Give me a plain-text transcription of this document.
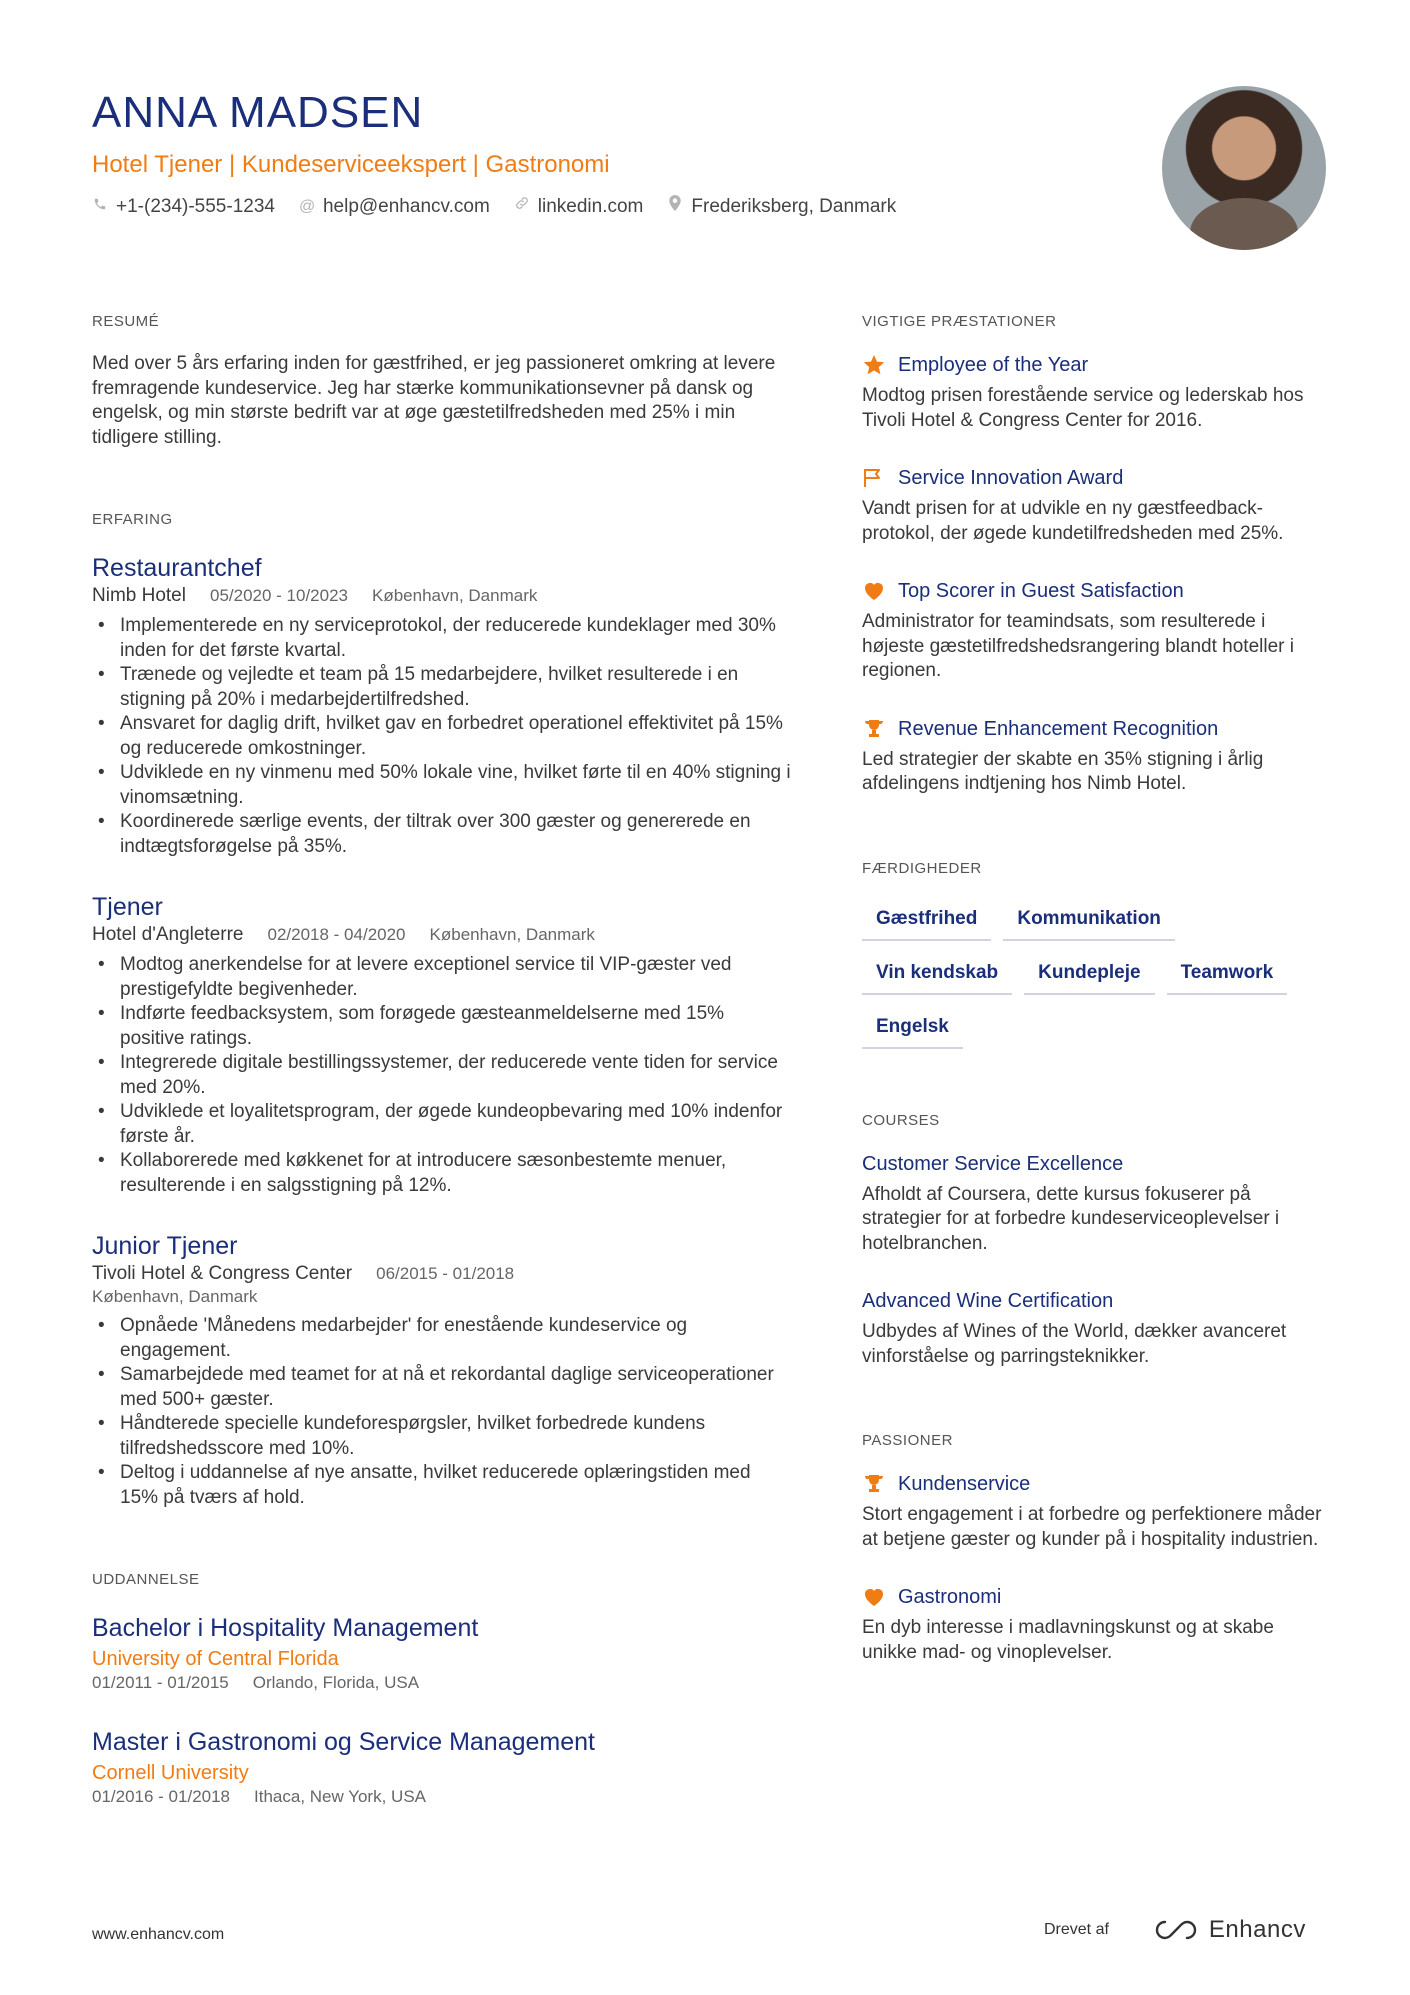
ANNA MADSEN
Hotel Tjener | Kundeserviceekspert | Gastronomi
+1-(234)-555-1234 @ help@enhancv.com	linkedin.com	Frederiksberg, Danmark
RESUMÉ
Med over 5 års erfaring inden for gæstfrihed, er jeg passioneret omkring at levere fremragende kundeservice. Jeg har stærke kommunikationsevner på dansk og engelsk, og min største bedrift var at øge gæstetilfredsheden med 25% i min tidligere stilling.
ERFARING
Restaurantchef
Nimb Hotel 05/2020 - 10/2023 København, Danmark
• Implementerede en ny serviceprotokol, der reducerede kundeklager med 30% inden for det første kvartal.
• Trænede og vejledte et team på 15 medarbejdere, hvilket resulterede i en stigning på 20% i medarbejdertilfredshed.
• Ansvaret for daglig drift, hvilket gav en forbedret operationel effektivitet på 15% og reducerede omkostninger.
• Udviklede en ny vinmenu med 50% lokale vine, hvilket førte til en 40% stigning i vinomsætning.
• Koordinerede særlige events, der tiltrak over 300 gæster og genererede en indtægtsforøgelse på 35%.
Tjener
Hotel d'Angleterre 02/2018 - 04/2020 København, Danmark
• Modtog anerkendelse for at levere exceptionel service til VIP-gæster ved prestigefyldte begivenheder.
• Indførte feedbacksystem, som forøgede gæsteanmeldelserne med 15% positive ratings.
• Integrerede digitale bestillingssystemer, der reducerede vente tiden for service med 20%.
• Udviklede et loyalitetsprogram, der øgede kundeopbevaring med 10% indenfor første år.
• Kollaborerede med køkkenet for at introducere sæsonbestemte menuer, resulterende i en salgsstigning på 12%.
Junior Tjener
Tivoli Hotel & Congress Center 06/2015 - 01/2018
København, Danmark
• Opnåede 'Månedens medarbejder' for enestående kundeservice og engagement.
• Samarbejdede med teamet for at nå et rekordantal daglige serviceoperationer med 500+ gæster.
• Håndterede specielle kundeforespørgsler, hvilket forbedrede kundens tilfredshedsscore med 10%.
• Deltog i uddannelse af nye ansatte, hvilket reducerede oplæringstiden med 15% på tværs af hold.
UDDANNELSE
Bachelor i Hospitality Management
University of Central Florida
01/2011 - 01/2015 Orlando, Florida, USA
Master i Gastronomi og Service Management
Cornell University
01/2016 - 01/2018 Ithaca, New York, USA
VIGTIGE PRÆSTATIONER
Employee of the Year
Modtog prisen forestående service og lederskab hos Tivoli Hotel & Congress Center for 2016.
Service Innovation Award
Vandt prisen for at udvikle en ny gæstfeedback-protokol, der øgede kundetilfredsheden med 25%.
Top Scorer in Guest Satisfaction
Administrator for teamindsats, som resulterede i højeste gæstetilfredshedsrangering blandt hoteller i regionen.
Revenue Enhancement Recognition
Led strategier der skabte en 35% stigning i årlig afdelingens indtjening hos Nimb Hotel.
FÆRDIGHEDER
Gæstfrihed	Kommunikation
Vin kendskab	Kundepleje	Teamwork
Engelsk
COURSES
Customer Service Excellence
Afholdt af Coursera, dette kursus fokuserer på strategier for at forbedre kundeserviceoplevelser i hotelbranchen.
Advanced Wine Certification
Udbydes af Wines of the World, dækker avanceret vinforståelse og parringsteknikker.
PASSIONER
Kundenservice
Stort engagement i at forbedre og perfektionere måder at betjene gæster og kunder på i hospitality industrien.
Gastronomi
En dyb interesse i madlavningskunst og at skabe unikke mad- og vinoplevelser.
www.enhancv.com	Drevet af	Enhancv
